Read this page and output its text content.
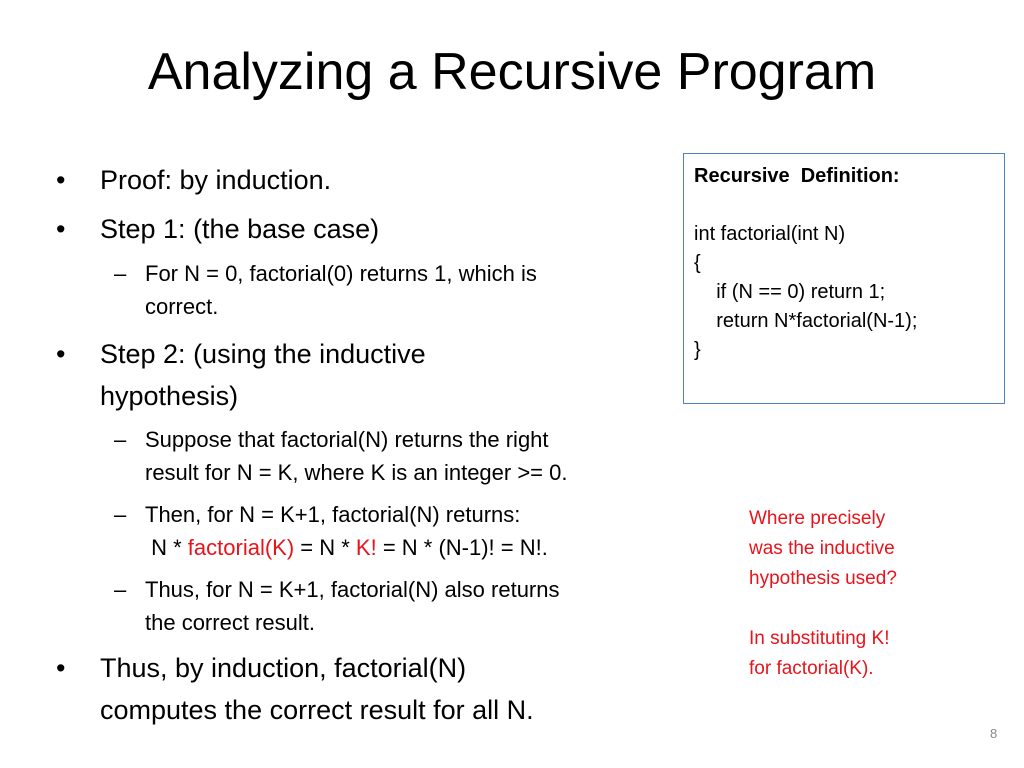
Analyzing a Recursive Program
• Proof: by induction.
• Step 1: (the base case)
– For N = 0, factorial(0) returns 1, which is
correct.
• Step 2: (using the inductive
hypothesis)
– Suppose that factorial(N) returns the right
result for N = K, where K is an integer >= 0.
– Then, for N = K+1, factorial(N) returns:
N * factorial(K) = N * K! = N * (N-1)! = N!.
– Thus, for N = K+1, factorial(N) also returns
the correct result.
• Thus, by induction, factorial(N)
computes the correct result for all N.
Recursive  Definition:
int factorial(int N)
{
if (N == 0) return 1;
return N*factorial(N-1);
}
Where precisely
was the inductive
hypothesis used?
In substituting K!
for factorial(K).
8
